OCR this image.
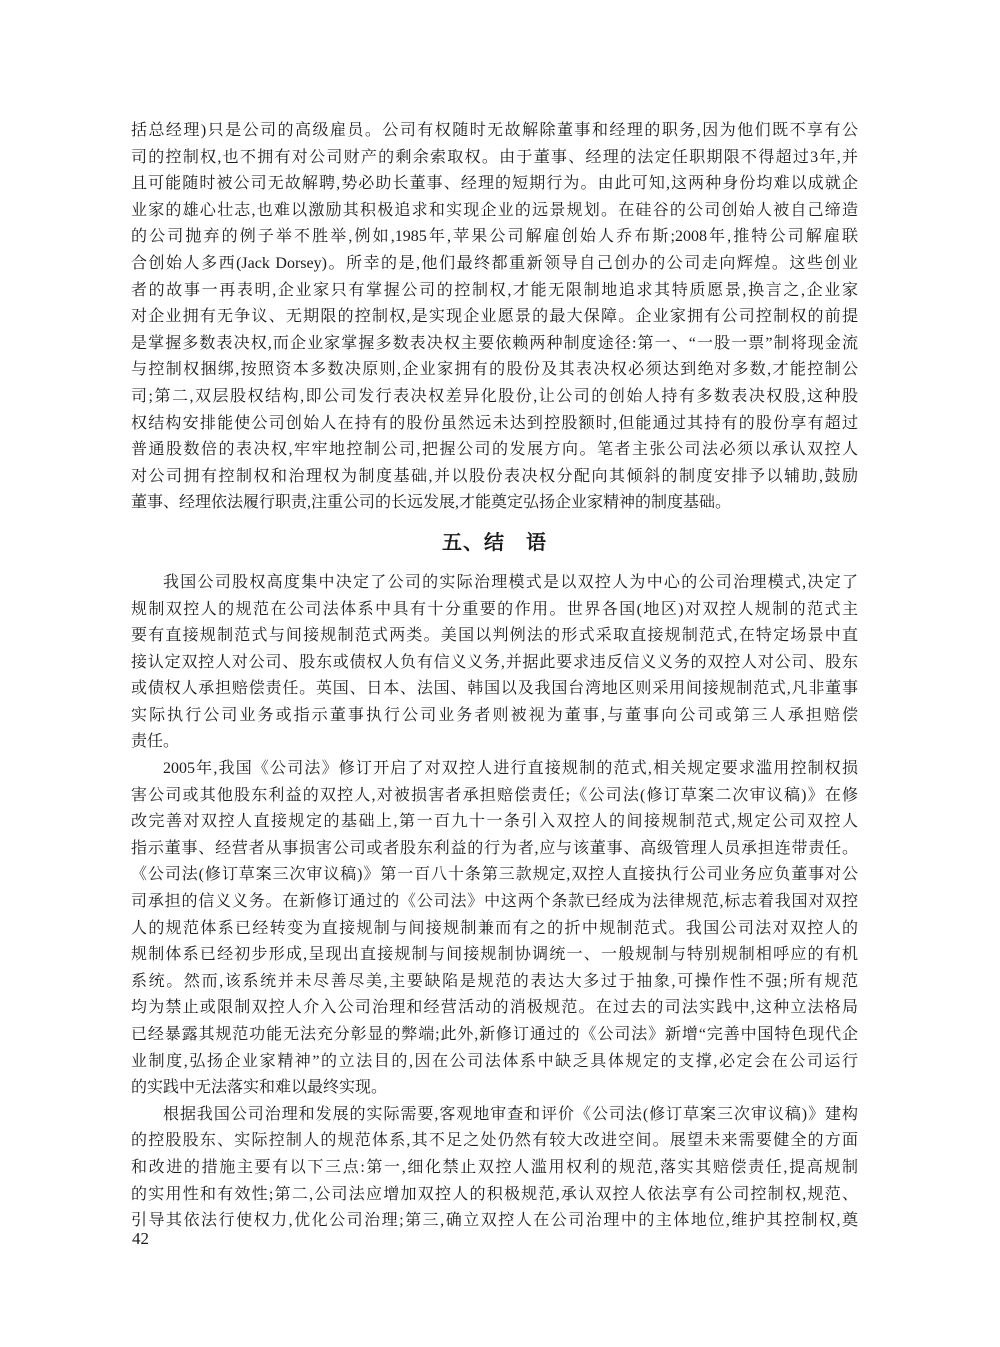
括总经理)只是公司的高级雇员。公司有权随时无故解除董事和经理的职务,因为他们既不享有公
司的控制权,也不拥有对公司财产的剩余索取权。由于董事、经理的法定任职期限不得超过3年,并
且可能随时被公司无故解聘,势必助长董事、经理的短期行为。由此可知,这两种身份均难以成就企
业家的雄心壮志,也难以激励其积极追求和实现企业的远景规划。在硅谷的公司创始人被自己缔造
的公司抛弃的例子举不胜举,例如,1985年,苹果公司解雇创始人乔布斯;2008年,推特公司解雇联
合创始人多西(Jack Dorsey)。所幸的是,他们最终都重新领导自己创办的公司走向辉煌。这些创业
者的故事一再表明,企业家只有掌握公司的控制权,才能无限制地追求其特质愿景,换言之,企业家
对企业拥有无争议、无期限的控制权,是实现企业愿景的最大保障。企业家拥有公司控制权的前提
是掌握多数表决权,而企业家掌握多数表决权主要依赖两种制度途径:第一、“一股一票”制将现金流
与控制权捆绑,按照资本多数决原则,企业家拥有的股份及其表决权必须达到绝对多数,才能控制公
司;第二,双层股权结构,即公司发行表决权差异化股份,让公司的创始人持有多数表决权股,这种股
权结构安排能使公司创始人在持有的股份虽然远未达到控股额时,但能通过其持有的股份享有超过
普通股数倍的表决权,牢牢地控制公司,把握公司的发展方向。笔者主张公司法必须以承认双控人
对公司拥有控制权和治理权为制度基础,并以股份表决权分配向其倾斜的制度安排予以辅助,鼓励
董事、经理依法履行职责,注重公司的长远发展,才能奠定弘扬企业家精神的制度基础。
五、结　语
我国公司股权高度集中决定了公司的实际治理模式是以双控人为中心的公司治理模式,决定了
规制双控人的规范在公司法体系中具有十分重要的作用。世界各国(地区)对双控人规制的范式主
要有直接规制范式与间接规制范式两类。美国以判例法的形式采取直接规制范式,在特定场景中直
接认定双控人对公司、股东或债权人负有信义义务,并据此要求违反信义义务的双控人对公司、股东
或债权人承担赔偿责任。英国、日本、法国、韩国以及我国台湾地区则采用间接规制范式,凡非董事
实际执行公司业务或指示董事执行公司业务者则被视为董事,与董事向公司或第三人承担赔偿
责任。
2005年,我国《公司法》修订开启了对双控人进行直接规制的范式,相关规定要求滥用控制权损
害公司或其他股东利益的双控人,对被损害者承担赔偿责任;《公司法(修订草案二次审议稿)》在修
改完善对双控人直接规定的基础上,第一百九十一条引入双控人的间接规制范式,规定公司双控人
指示董事、经营者从事损害公司或者股东利益的行为者,应与该董事、高级管理人员承担连带责任。
《公司法(修订草案三次审议稿)》第一百八十条第三款规定,双控人直接执行公司业务应负董事对公
司承担的信义义务。在新修订通过的《公司法》中这两个条款已经成为法律规范,标志着我国对双控
人的规范体系已经转变为直接规制与间接规制兼而有之的折中规制范式。我国公司法对双控人的
规制体系已经初步形成,呈现出直接规制与间接规制协调统一、一般规制与特别规制相呼应的有机
系统。然而,该系统并未尽善尽美,主要缺陷是规范的表达大多过于抽象,可操作性不强;所有规范
均为禁止或限制双控人介入公司治理和经营活动的消极规范。在过去的司法实践中,这种立法格局
已经暴露其规范功能无法充分彰显的弊端;此外,新修订通过的《公司法》新增“完善中国特色现代企
业制度,弘扬企业家精神”的立法目的,因在公司法体系中缺乏具体规定的支撑,必定会在公司运行
的实践中无法落实和难以最终实现。
根据我国公司治理和发展的实际需要,客观地审查和评价《公司法(修订草案三次审议稿)》建构
的控股股东、实际控制人的规范体系,其不足之处仍然有较大改进空间。展望未来需要健全的方面
和改进的措施主要有以下三点:第一,细化禁止双控人滥用权利的规范,落实其赔偿责任,提高规制
的实用性和有效性;第二,公司法应增加双控人的积极规范,承认双控人依法享有公司控制权,规范、
引导其依法行使权力,优化公司治理;第三,确立双控人在公司治理中的主体地位,维护其控制权,奠
42
